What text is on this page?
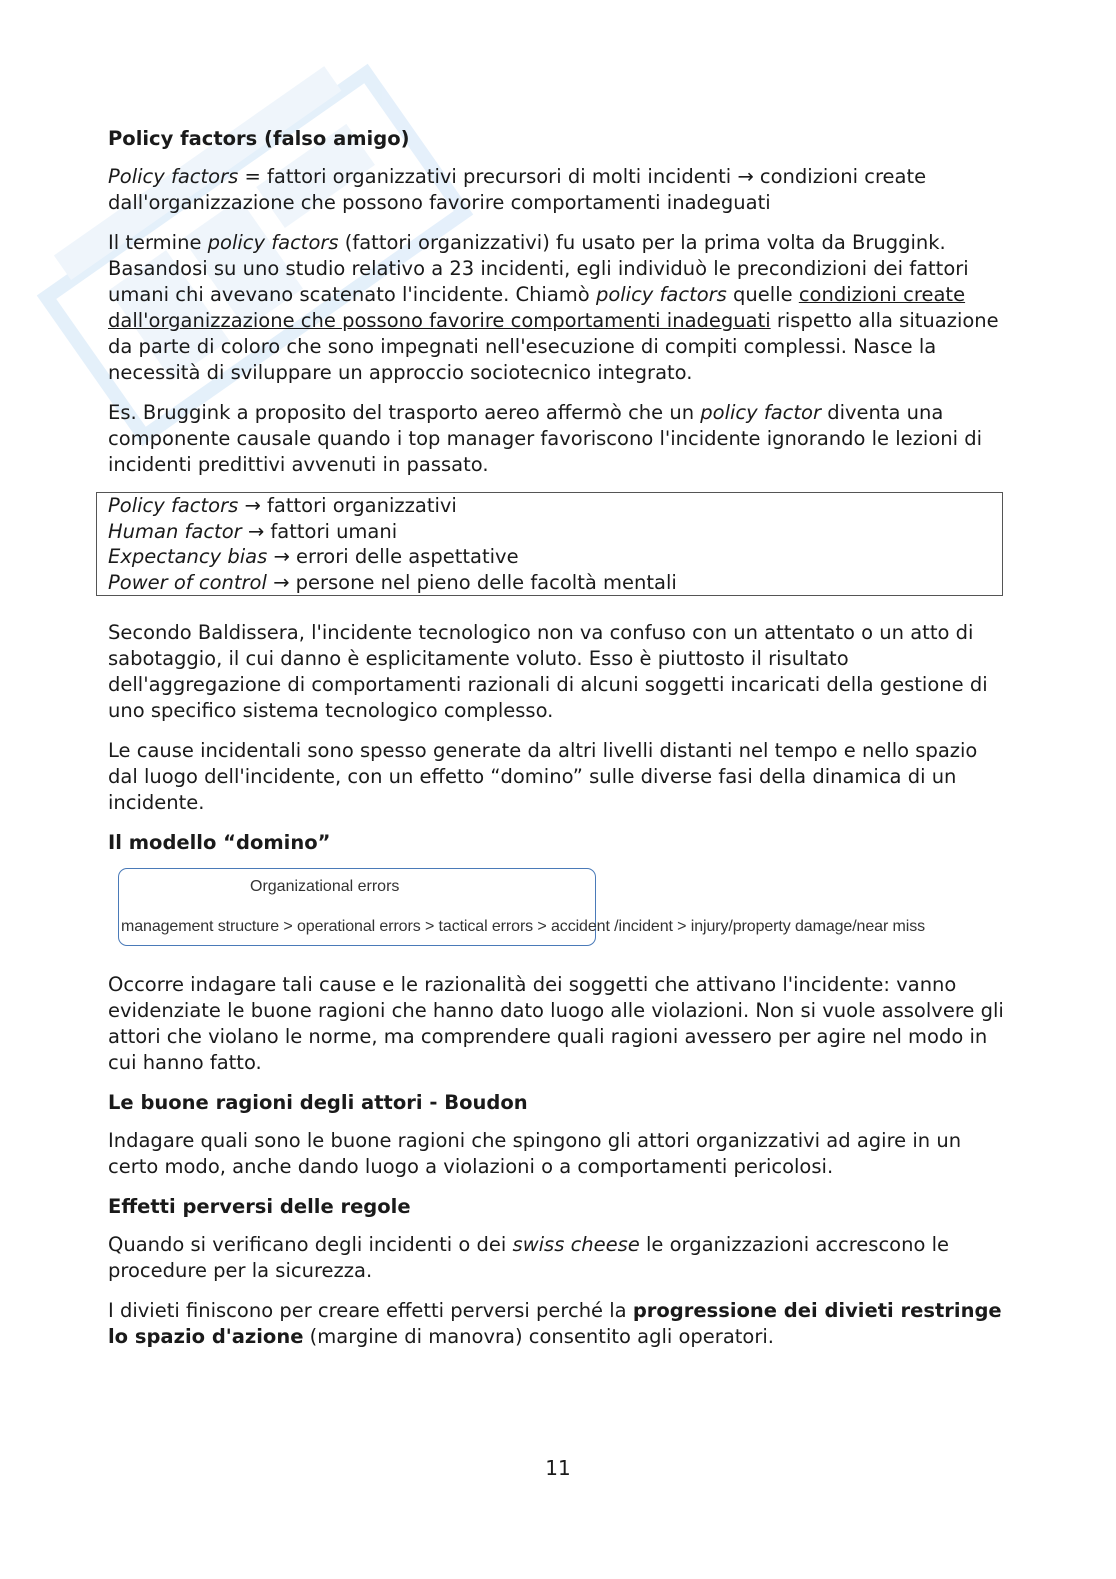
Policy factors (falso amigo)

Policy factors = fattori organizzativi precursori di molti incidenti → condizioni create dall'organizzazione che possono favorire comportamenti inadeguati

Il termine policy factors (fattori organizzativi) fu usato per la prima volta da Bruggink. Basandosi su uno studio relativo a 23 incidenti, egli individuò le precondizioni dei fattori umani chi avevano scatenato l'incidente. Chiamò policy factors quelle condizioni create dall'organizzazione che possono favorire comportamenti inadeguati rispetto alla situazione da parte di coloro che sono impegnati nell'esecuzione di compiti complessi. Nasce la necessità di sviluppare un approccio sociotecnico integrato.

Es. Bruggink a proposito del trasporto aereo affermò che un policy factor diventa una componente causale quando i top manager favoriscono l'incidente ignorando le lezioni di incidenti predittivi avvenuti in passato.

Policy factors → fattori organizzativi
Human factor → fattori umani
Expectancy bias → errori delle aspettative
Power of control → persone nel pieno delle facoltà mentali

Secondo Baldissera, l'incidente tecnologico non va confuso con un attentato o un atto di sabotaggio, il cui danno è esplicitamente voluto. Esso è piuttosto il risultato dell'aggregazione di comportamenti razionali di alcuni soggetti incaricati della gestione di uno specifico sistema tecnologico complesso.

Le cause incidentali sono spesso generate da altri livelli distanti nel tempo e nello spazio dal luogo dell'incidente, con un effetto “domino” sulle diverse fasi della dinamica di un incidente.

Il modello “domino”
Organizational errors
management structure > operational errors > tactical errors > accident /incident > injury/property damage/near miss

Occorre indagare tali cause e le razionalità dei soggetti che attivano l'incidente: vanno evidenziate le buone ragioni che hanno dato luogo alle violazioni. Non si vuole assolvere gli attori che violano le norme, ma comprendere quali ragioni avessero per agire nel modo in cui hanno fatto.

Le buone ragioni degli attori - Boudon

Indagare quali sono le buone ragioni che spingono gli attori organizzativi ad agire in un certo modo, anche dando luogo a violazioni o a comportamenti pericolosi.

Effetti perversi delle regole

Quando si verificano degli incidenti o dei swiss cheese le organizzazioni accrescono le procedure per la sicurezza.

I divieti finiscono per creare effetti perversi perché la progressione dei divieti restringe lo spazio d'azione (margine di manovra) consentito agli operatori.

11
